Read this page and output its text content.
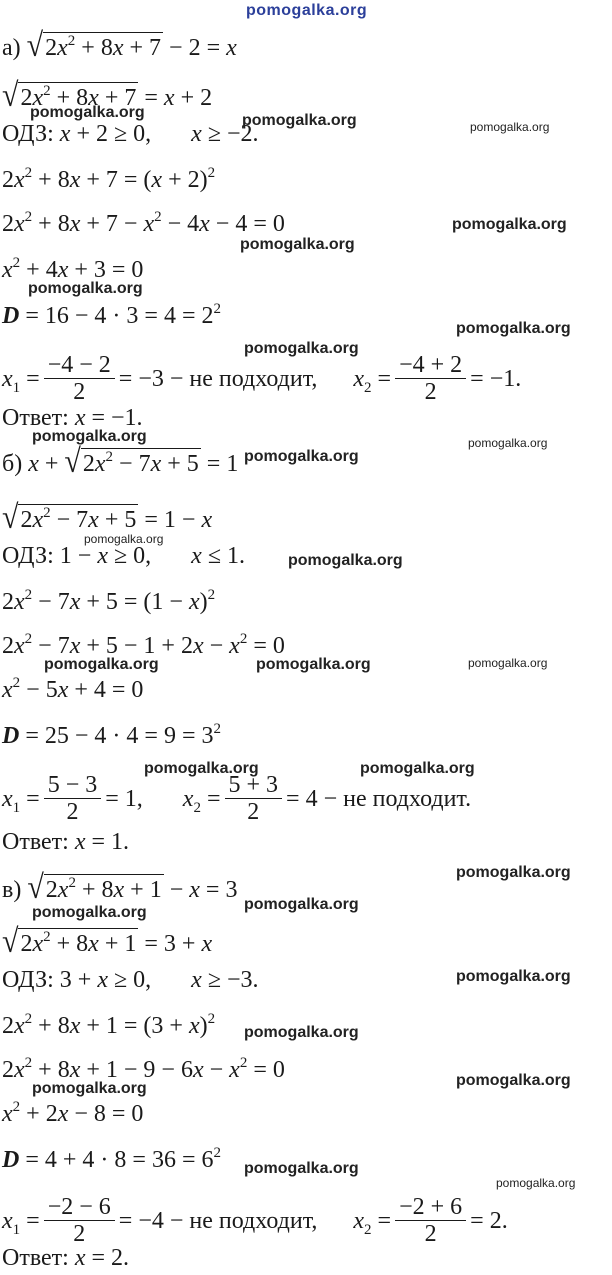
pomogalka.org
pomogalka.org	pomogalka.org	pomogalka.org
pomogalka.org
pomogalka.org
pomogalka.org
pomogalka.org
pomogalka.org
pomogalka.org	pomogalka.org
pomogalka.org
pomogalka.org
pomogalka.org
pomogalka.org	pomogalka.org	pomogalka.org
pomogalka.org	pomogalka.org
pomogalka.org
pomogalka.org
pomogalka.org
pomogalka.org
pomogalka.org
pomogalka.org
pomogalka.org
pomogalka.org
pomogalka.org
а) √ $2x^2 + 8x + 7 - 2 = x$
√ $2x^2 + 8x + 7 = x + 2$
ОДЗ: x + 2 ≥ 0, x ≥ −2.
$2x^2 + 8x + 7 = (x + 2)^2$
$2x^2 + 8x + 7 - x^2 - 4x - 4 = 0$
$x^2 + 4x + 3 = 0$
$D = 16 - 4 \cdot 3 = 4 = 2^2$
$x_1 = \frac{-4 - 2}{2} = -3$ − не подходит, $x_2 = \frac{-4 + 2}{2} = -1$.
Ответ: x = −1.
б) x + √ $2x^2 - 7x + 5 = 1$
√ $2x^2 - 7x + 5 = 1 - x$
ОДЗ: 1 − x ≥ 0, x ≤ 1.
$2x^2 - 7x + 5 = (1 - x)^2$
$2x^2 - 7x + 5 - 1 + 2x - x^2 = 0$
$x^2 - 5x + 4 = 0$
$D = 25 - 4 \cdot 4 = 9 = 3^2$
$x_1 = \frac{5 - 3}{2} = 1$, $x_2 = \frac{5 + 3}{2} = 4$ − не подходит.
Ответ: x = 1.
в) √ $2x^2 + 8x + 1 - x = 3$
√ $2x^2 + 8x + 1 = 3 + x$
ОДЗ: 3 + x ≥ 0, x ≥ −3.
$2x^2 + 8x + 1 = (3 + x)^2$
$2x^2 + 8x + 1 - 9 - 6x - x^2 = 0$
$x^2 + 2x - 8 = 0$
$D = 4 + 4 \cdot 8 = 36 = 6^2$
$x_1 = \frac{-2 - 6}{2} = -4$ − не подходит, $x_2 = \frac{-2 + 6}{2} = 2$.
Ответ: x = 2.
